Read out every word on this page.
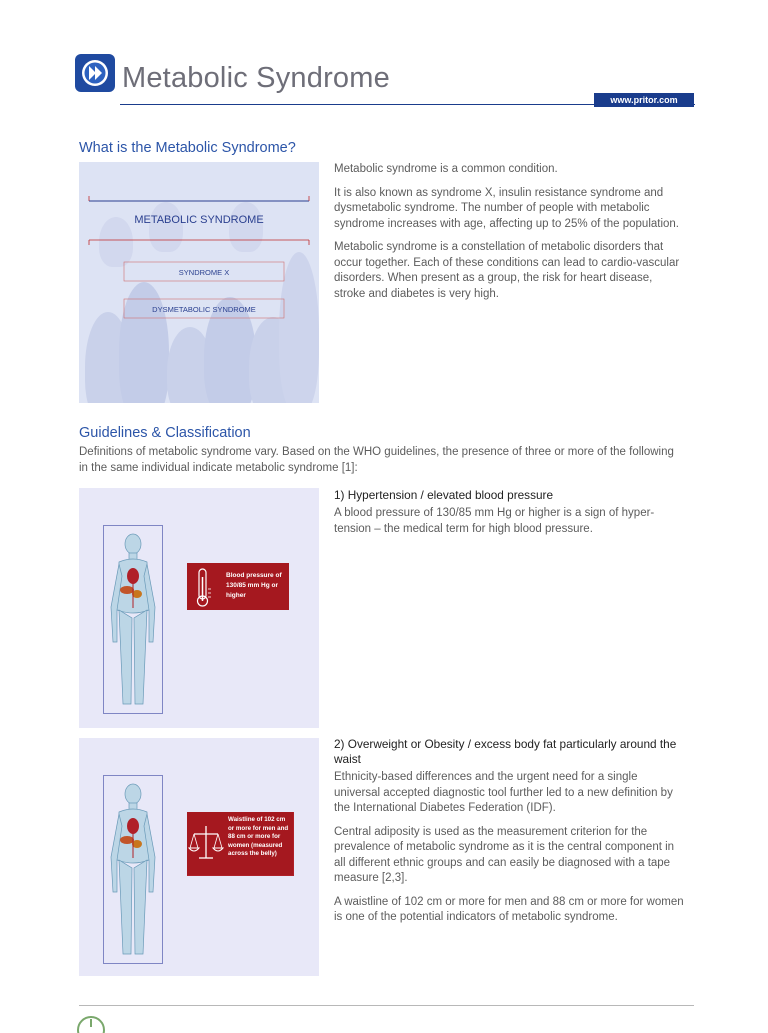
Metabolic Syndrome
www.pritor.com
What is the Metabolic Syndrome?
METABOLIC SYNDROME
SYNDROME X
DYSMETABOLIC SYNDROME

Metabolic syndrome is a common condition.

It is also known as syndrome X, insulin resistance syndrome and dysmetabolic syndrome. The number of people with metabolic syndrome increases with age, affecting up to 25% of the population.

Metabolic syndrome is a constellation of metabolic disorders that occur together. Each of these conditions can lead to cardio-vascular disorders. When present as a group, the risk for heart disease, stroke and diabetes is very high.

Guidelines & Classification
Definitions of metabolic syndrome vary. Based on the WHO guidelines, the presence of three or more of the following in the same individual indicate metabolic syndrome [1]:
Blood pressure of 130/85 mm Hg or higher
1) Hypertension / elevated blood pressure

A blood pressure of 130/85 mm Hg or higher is a sign of hyper-tension – the medical term for high blood pressure.

Waistline of 102 cm or more for men and 88 cm or more for women (measured across the belly)
2) Overweight or Obesity / excess body fat particularly around the waist

Ethnicity-based differences and the urgent need for a single universal accepted diagnostic tool further led to a new definition by the International Diabetes Federation (IDF).

Central adiposity is used as the measurement criterion for the prevalence of metabolic syndrome as it is the central component in all different ethnic groups and can easily be diagnosed with a tape measure [2,3].

A waistline of 102 cm or more for men and 88 cm or more for women is one of the potential indicators of metabolic syndrome.
